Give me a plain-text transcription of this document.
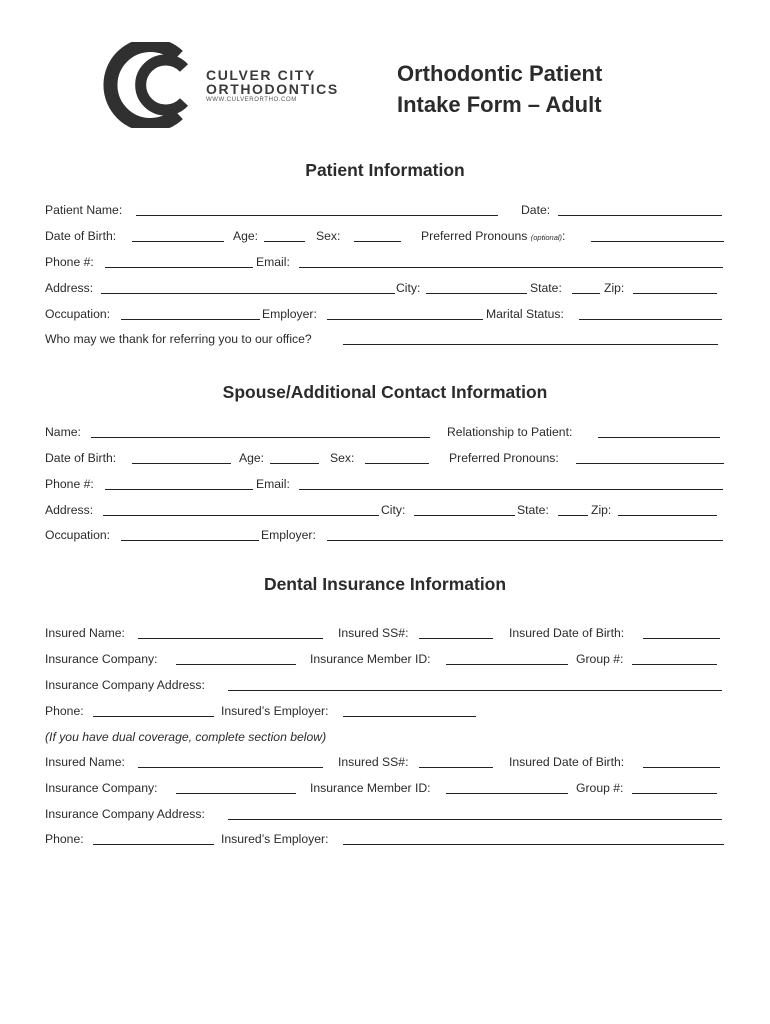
CULVER CITY
ORTHODONTICS
WWW.CULVERORTHO.COM
Orthodontic Patient
Intake Form – Adult
Patient Information
Patient Name:	Date:
Date of Birth:	Age:	Sex:	Preferred Pronouns (optional):
Phone #:	Email:
Address:	City:	State:	Zip:
Occupation:	Employer:	Marital Status:
Who may we thank for referring you to our office?
Spouse/Additional Contact Information
Name:	Relationship to Patient:
Date of Birth:	Age:	Sex:	Preferred Pronouns:
Phone #:	Email:
Address:	City:	State:	Zip:
Occupation:	Employer:
Dental Insurance Information
Insured Name:	Insured SS#:	Insured Date of Birth:
Insurance Company:	Insurance Member ID:	Group #:
Insurance Company Address:
Phone:	Insured’s Employer:
(If you have dual coverage, complete section below)
Insured Name:	Insured SS#:	Insured Date of Birth:
Insurance Company:	Insurance Member ID:	Group #:
Insurance Company Address:
Phone:	Insured’s Employer:
